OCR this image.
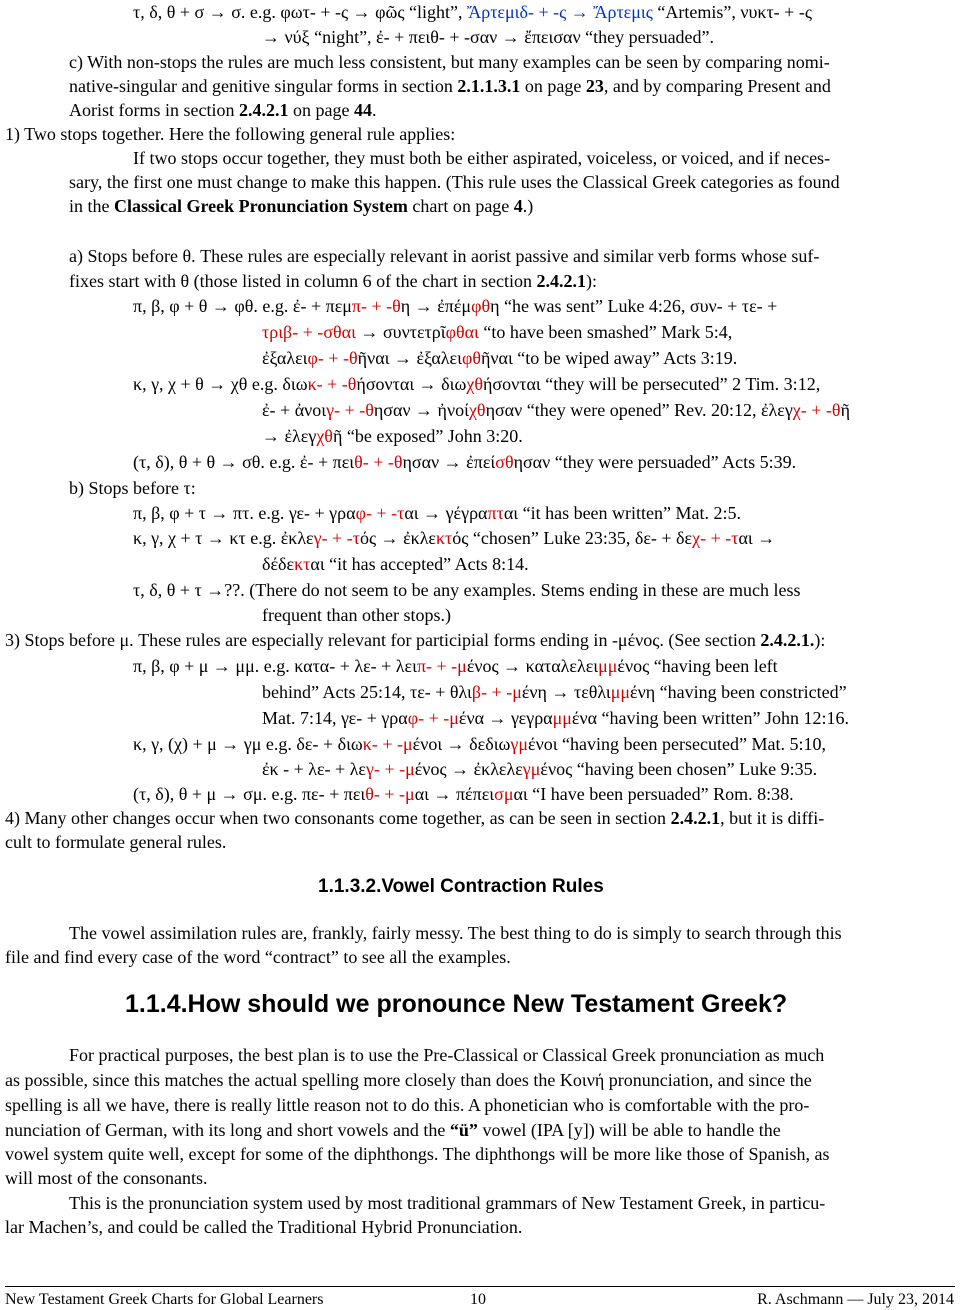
τ, δ, θ + σ → σ. e.g. φωτ- + -ς → φῶς “light”, Ἄρτεμιδ- + -ς → Ἄρτεμις “Artemis”, νυκτ- + -ς
→ νύξ “night”, ἐ- + πειθ- + -σαν → ἔπεισαν “they persuaded”.
c) With non-stops the rules are much less consistent, but many examples can be seen by comparing nomi-
native-singular and genitive singular forms in section 2.1.1.3.1 on page 23, and by comparing Present and
Aorist forms in section 2.4.2.1 on page 44.
1) Two stops together. Here the following general rule applies:
If two stops occur together, they must both be either aspirated, voiceless, or voiced, and if neces-
sary, the first one must change to make this happen. (This rule uses the Classical Greek categories as found
in the Classical Greek Pronunciation System chart on page 4.)
a) Stops before θ. These rules are especially relevant in aorist passive and similar verb forms whose suf-
fixes start with θ (those listed in column 6 of the chart in section 2.4.2.1):
π, β, φ + θ → φθ. e.g. ἐ- + πεμπ- + -θη → ἐπέμφθη “he was sent” Luke 4:26, συν- + τε- +
τριβ- + -σθαι → συντετρῖφθαι “to have been smashed” Mark 5:4,
ἐξαλειφ- + -θῆναι → ἐξαλειφθῆναι “to be wiped away” Acts 3:19.
κ, γ, χ + θ → χθ e.g. διωκ- + -θήσονται → διωχθήσονται “they will be persecuted” 2 Tim. 3:12,
ἐ- + ἀνοιγ- + -θησαν → ἠνοίχθησαν “they were opened” Rev. 20:12, ἐλεγχ- + -θῆ
→ ἐλεγχθῆ “be exposed” John 3:20.
(τ, δ), θ + θ → σθ. e.g. ἐ- + πειθ- + -θησαν → ἐπείσθησαν “they were persuaded” Acts 5:39.
b) Stops before τ:
π, β, φ + τ → πτ. e.g. γε- + γραφ- + -ται → γέγραπται “it has been written” Mat. 2:5.
κ, γ, χ + τ → κτ e.g. ἐκλεγ- + -τός → ἐκλεκτός “chosen” Luke 23:35, δε- + δεχ- + -ται →
δέδεκται “it has accepted” Acts 8:14.
τ, δ, θ + τ →??. (There do not seem to be any examples. Stems ending in these are much less
frequent than other stops.)
3) Stops before μ. These rules are especially relevant for participial forms ending in -μένος. (See section 2.4.2.1.):
π, β, φ + μ → μμ. e.g. κατα- + λε- + λειπ- + -μένος → καταλελειμμένος “having been left
behind” Acts 25:14, τε- + θλιβ- + -μένη → τεθλιμμένη “having been constricted”
Mat. 7:14, γε- + γραφ- + -μένα → γεγραμμένα “having been written” John 12:16.
κ, γ, (χ) + μ → γμ e.g. δε- + διωκ- + -μένοι → δεδιωγμένοι “having been persecuted” Mat. 5:10,
ἐκ - + λε- + λεγ- + -μένος → ἐκλελεγμένος “having been chosen” Luke 9:35.
(τ, δ), θ + μ → σμ. e.g. πε- + πειθ- + -μαι → πέπεισμαι “I have been persuaded” Rom. 8:38.
4) Many other changes occur when two consonants come together, as can be seen in section 2.4.2.1, but it is diffi-
cult to formulate general rules.
The vowel assimilation rules are, frankly, fairly messy. The best thing to do is simply to search through this
file and find every case of the word “contract” to see all the examples.
For practical purposes, the best plan is to use the Pre-Classical or Classical Greek pronunciation as much
as possible, since this matches the actual spelling more closely than does the Κοινή pronunciation, and since the
spelling is all we have, there is really little reason not to do this. A phonetician who is comfortable with the pro-
nunciation of German, with its long and short vowels and the “ü” vowel (IPA [y]) will be able to handle the
vowel system quite well, except for some of the diphthongs. The diphthongs will be more like those of Spanish, as
will most of the consonants.
This is the pronunciation system used by most traditional grammars of New Testament Greek, in particu-
lar Machen’s, and could be called the Traditional Hybrid Pronunciation.
1.1.3.2.Vowel Contraction Rules
1.1.4.How should we pronounce New Testament Greek?
New Testament Greek Charts for Global Learners	10	R. Aschmann — July 23, 2014
